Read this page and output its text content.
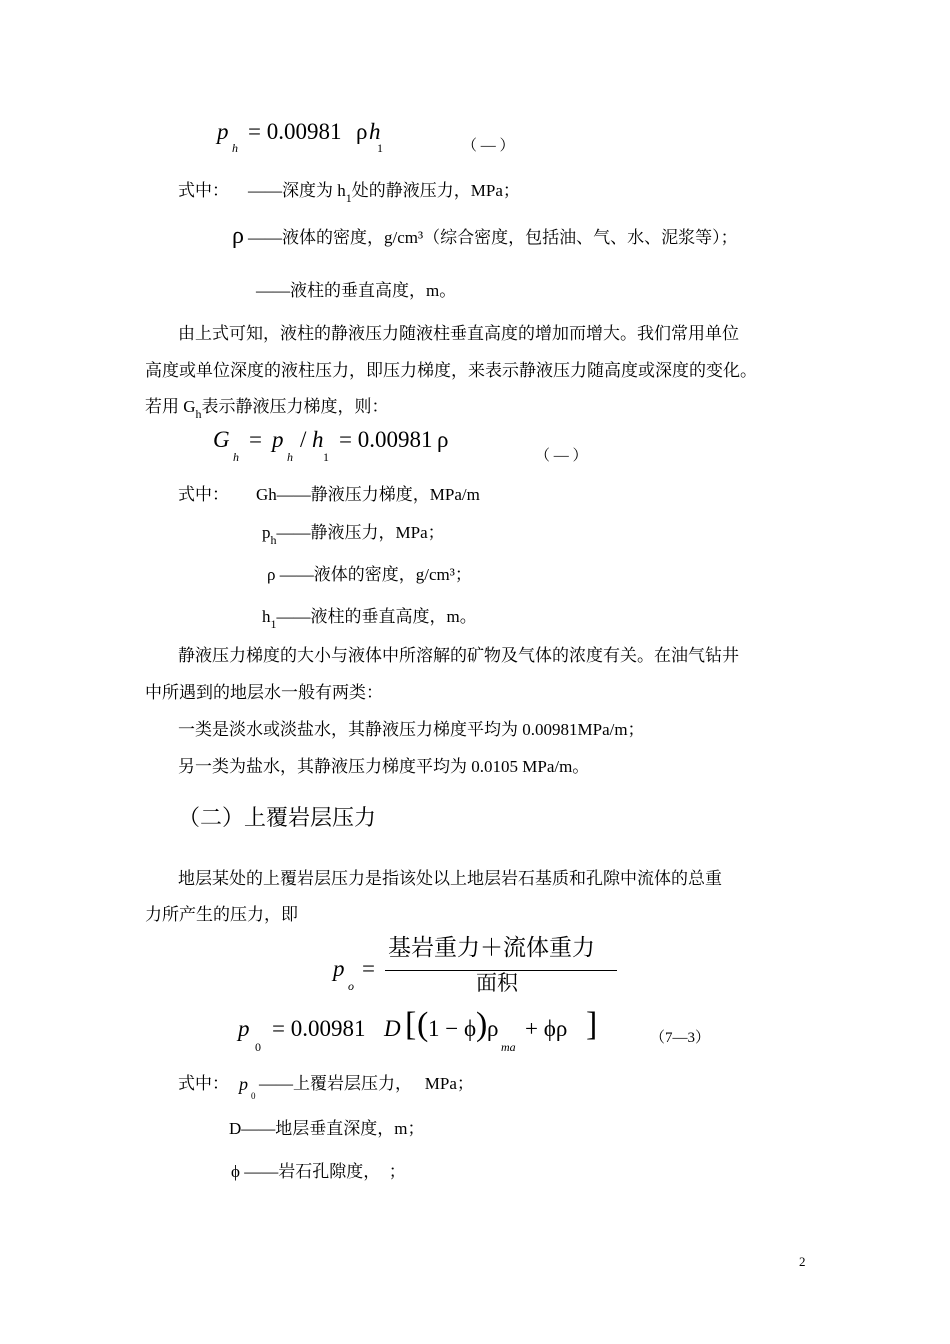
p
h
= 0.00981 ρ h
1	（ — ）
式中： ——深度为 $h_1$处的静液压力，MPa；
ρ ——液体的密度，g/cm³（综合密度，包括油、气、水、泥浆等）；
——液柱的垂直高度，m。
由上式可知，液柱的静液压力随液柱垂直高度的增加而增大。我们常用单位
高度或单位深度的液柱压力，即压力梯度，来表示静液压力随高度或深度的变化。
若用 $G_h$表示静液压力梯度，则：
G
h
= p
h
/ h
1
= 0.00981 ρ
（ — ）
式中： Gh——静液压力梯度，MPa/m
$p_h——$静液压力，MPa；
ρ ——液体的密度，g/cm³；
$h_1——$液柱的垂直高度，m。
静液压力梯度的大小与液体中所溶解的矿物及气体的浓度有关。在油气钻井
中所遇到的地层水一般有两类：
一类是淡水或淡盐水，其静液压力梯度平均为 0.00981MPa/m；
另一类为盐水，其静液压力梯度平均为 0.0105 MPa/m。
（二）上覆岩层压力
地层某处的上覆岩层压力是指该处以上地层岩石基质和孔隙中流体的总重
力所产生的压力，即
p
o
=
基岩重力＋流体重力
面积
p
0
= 0.00981 D [ ( 1 − ϕ ) ρ
ma
+ ϕρ ]	（7—3）
式中： p
0
——上覆岩层压力，   MPa；
D——地层垂直深度，m；
ϕ ——岩石孔隙度，  ；
2
